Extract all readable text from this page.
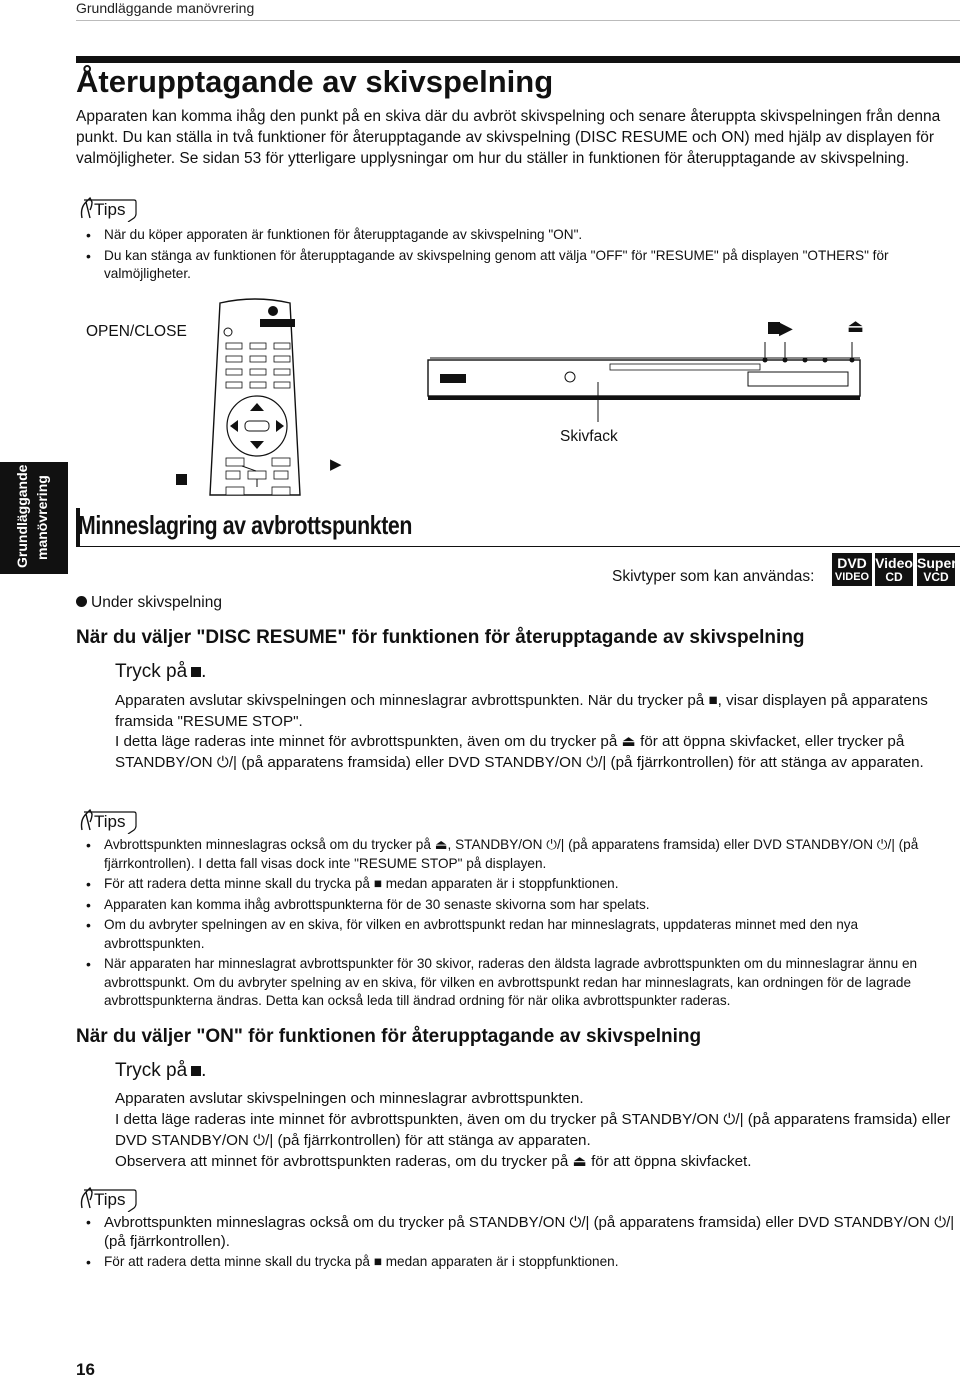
Grundläggande manövrering
Återupptagande av skivspelning
Apparaten kan komma ihåg den punkt på en skiva där du avbröt skivspelning och senare återuppta skivspelningen från denna punkt. Du kan ställa in två funktioner för återupptagande av skivspelning (DISC RESUME och ON) med hjälp av displayen för valmöjligheter. Se sidan 53 för ytterligare upplysningar om hur du ställer in funktionen för återupptagande av skivspelning.
Tips
• När du köper apporaten är funktionen för återupptagande av skivspelning "ON".
• Du kan stänga av funktionen för återupptagande av skivspelning genom att välja "OFF" för "RESUME" på displayen "OTHERS" för valmöjligheter.
OPEN/CLOSE	▶	⏏
Skivfack
▶
Grundläggande manövrering Minneslagring av avbrottspunkten
Skivtyper som kan användas:
DVD
VIDEO
Video
CD
Super
VCD
Under skivspelning
När du väljer "DISC RESUME" för funktionen för återupptagande av skivspelning
Tryck på .
Apparaten avslutar skivspelningen och minneslagrar avbrottspunkten. När du trycker på ■, visar displayen på apparatens framsida "RESUME STOP".
I detta läge raderas inte minnet för avbrottspunkten, även om du trycker på ⏏ för att öppna skivfacket, eller trycker på STANDBY/ON ⏻/| (på apparatens framsida) eller DVD STANDBY/ON ⏻/| (på fjärrkontrollen) för att stänga av apparaten.
Tips
• Avbrottspunkten minneslagras också om du trycker på ⏏, STANDBY/ON ⏻/| (på apparatens framsida) eller DVD STANDBY/ON ⏻/| (på fjärrkontrollen). I detta fall visas dock inte "RESUME STOP" på displayen.
• För att radera detta minne skall du trycka på ■ medan apparaten är i stoppfunktionen.
• Apparaten kan komma ihåg avbrottspunkterna för de 30 senaste skivorna som har spelats.
• Om du avbryter spelningen av en skiva, för vilken en avbrottspunkt redan har minneslagrats, uppdateras minnet med den nya avbrottspunkten.
• När apparaten har minneslagrat avbrottspunkter för 30 skivor, raderas den äldsta lagrade avbrottspunkten om du minneslagrar ännu en avbrottspunkt. Om du avbryter spelning av en skiva, för vilken en avbrottspunkt redan har minneslagrats, kan ordningen för de lagrade avbrottspunkterna ändras. Detta kan också leda till ändrad ordning för när olika avbrottspunkter raderas.
När du väljer "ON" för funktionen för återupptagande av skivspelning
Tryck på .
Apparaten avslutar skivspelningen och minneslagrar avbrottspunkten.
I detta läge raderas inte minnet för avbrottspunkten, även om du trycker på STANDBY/ON ⏻/| (på apparatens framsida) eller DVD STANDBY/ON ⏻/| (på fjärrkontrollen) för att stänga av apparaten.
Observera att minnet för avbrottspunkten raderas, om du trycker på ⏏ för att öppna skivfacket.
Tips
• Avbrottspunkten minneslagras också om du trycker på STANDBY/ON ⏻/| (på apparatens framsida) eller DVD STANDBY/ON ⏻/| (på fjärrkontrollen).
• För att radera detta minne skall du trycka på ■ medan apparaten är i stoppfunktionen.
16
